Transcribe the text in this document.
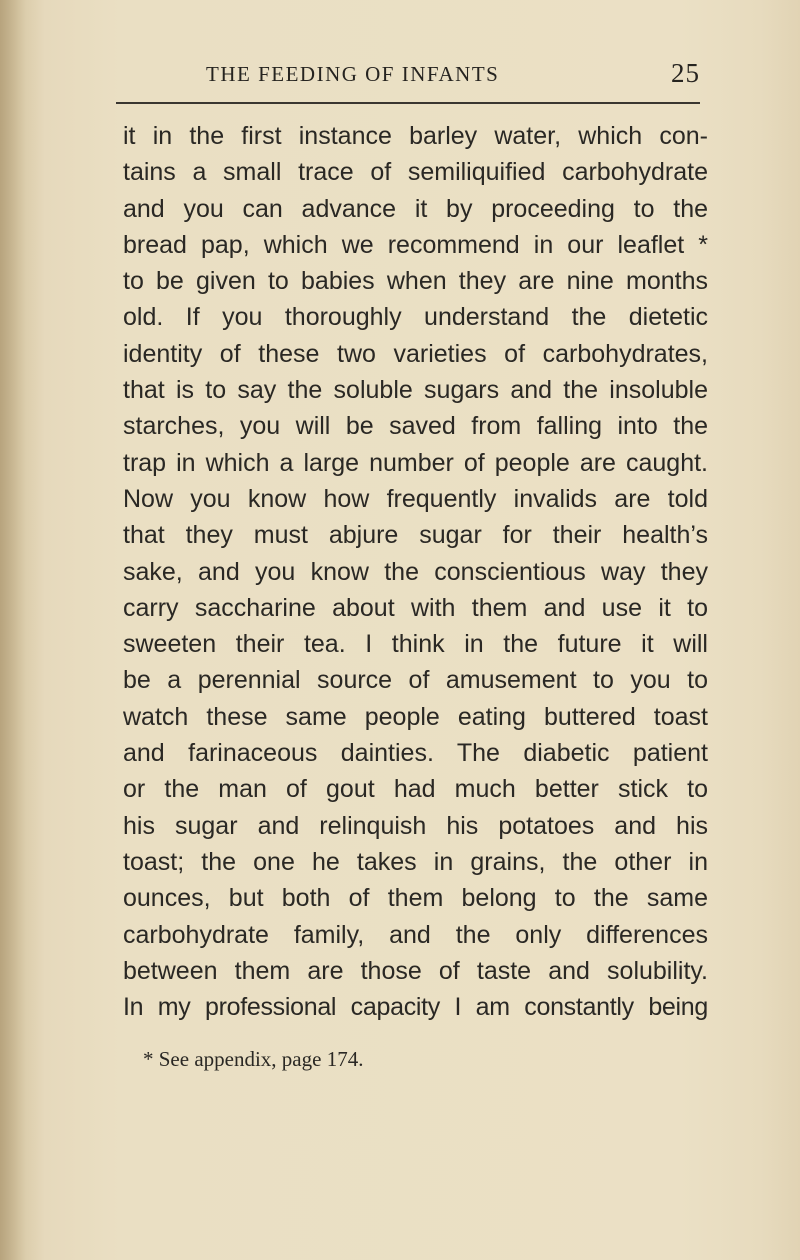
THE FEEDING OF INFANTS	25
it in the first instance barley water, which con-
tains a small trace of semiliquified carbohydrate
and you can advance it by proceeding to the
bread pap, which we recommend in our leaflet *
to be given to babies when they are nine months
old. If you thoroughly understand the dietetic
identity of these two varieties of carbohydrates,
that is to say the soluble sugars and the insoluble
starches, you will be saved from falling into the
trap in which a large number of people are caught.
Now you know how frequently invalids are told
that they must abjure sugar for their health’s
sake, and you know the conscientious way they
carry saccharine about with them and use it to
sweeten their tea. I think in the future it will
be a perennial source of amusement to you to
watch these same people eating buttered toast
and farinaceous dainties. The diabetic patient
or the man of gout had much better stick to
his sugar and relinquish his potatoes and his
toast; the one he takes in grains, the other in
ounces, but both of them belong to the same
carbohydrate family, and the only differences
between them are those of taste and solubility.
In my professional capacity I am constantly being
* See appendix, page 174.
